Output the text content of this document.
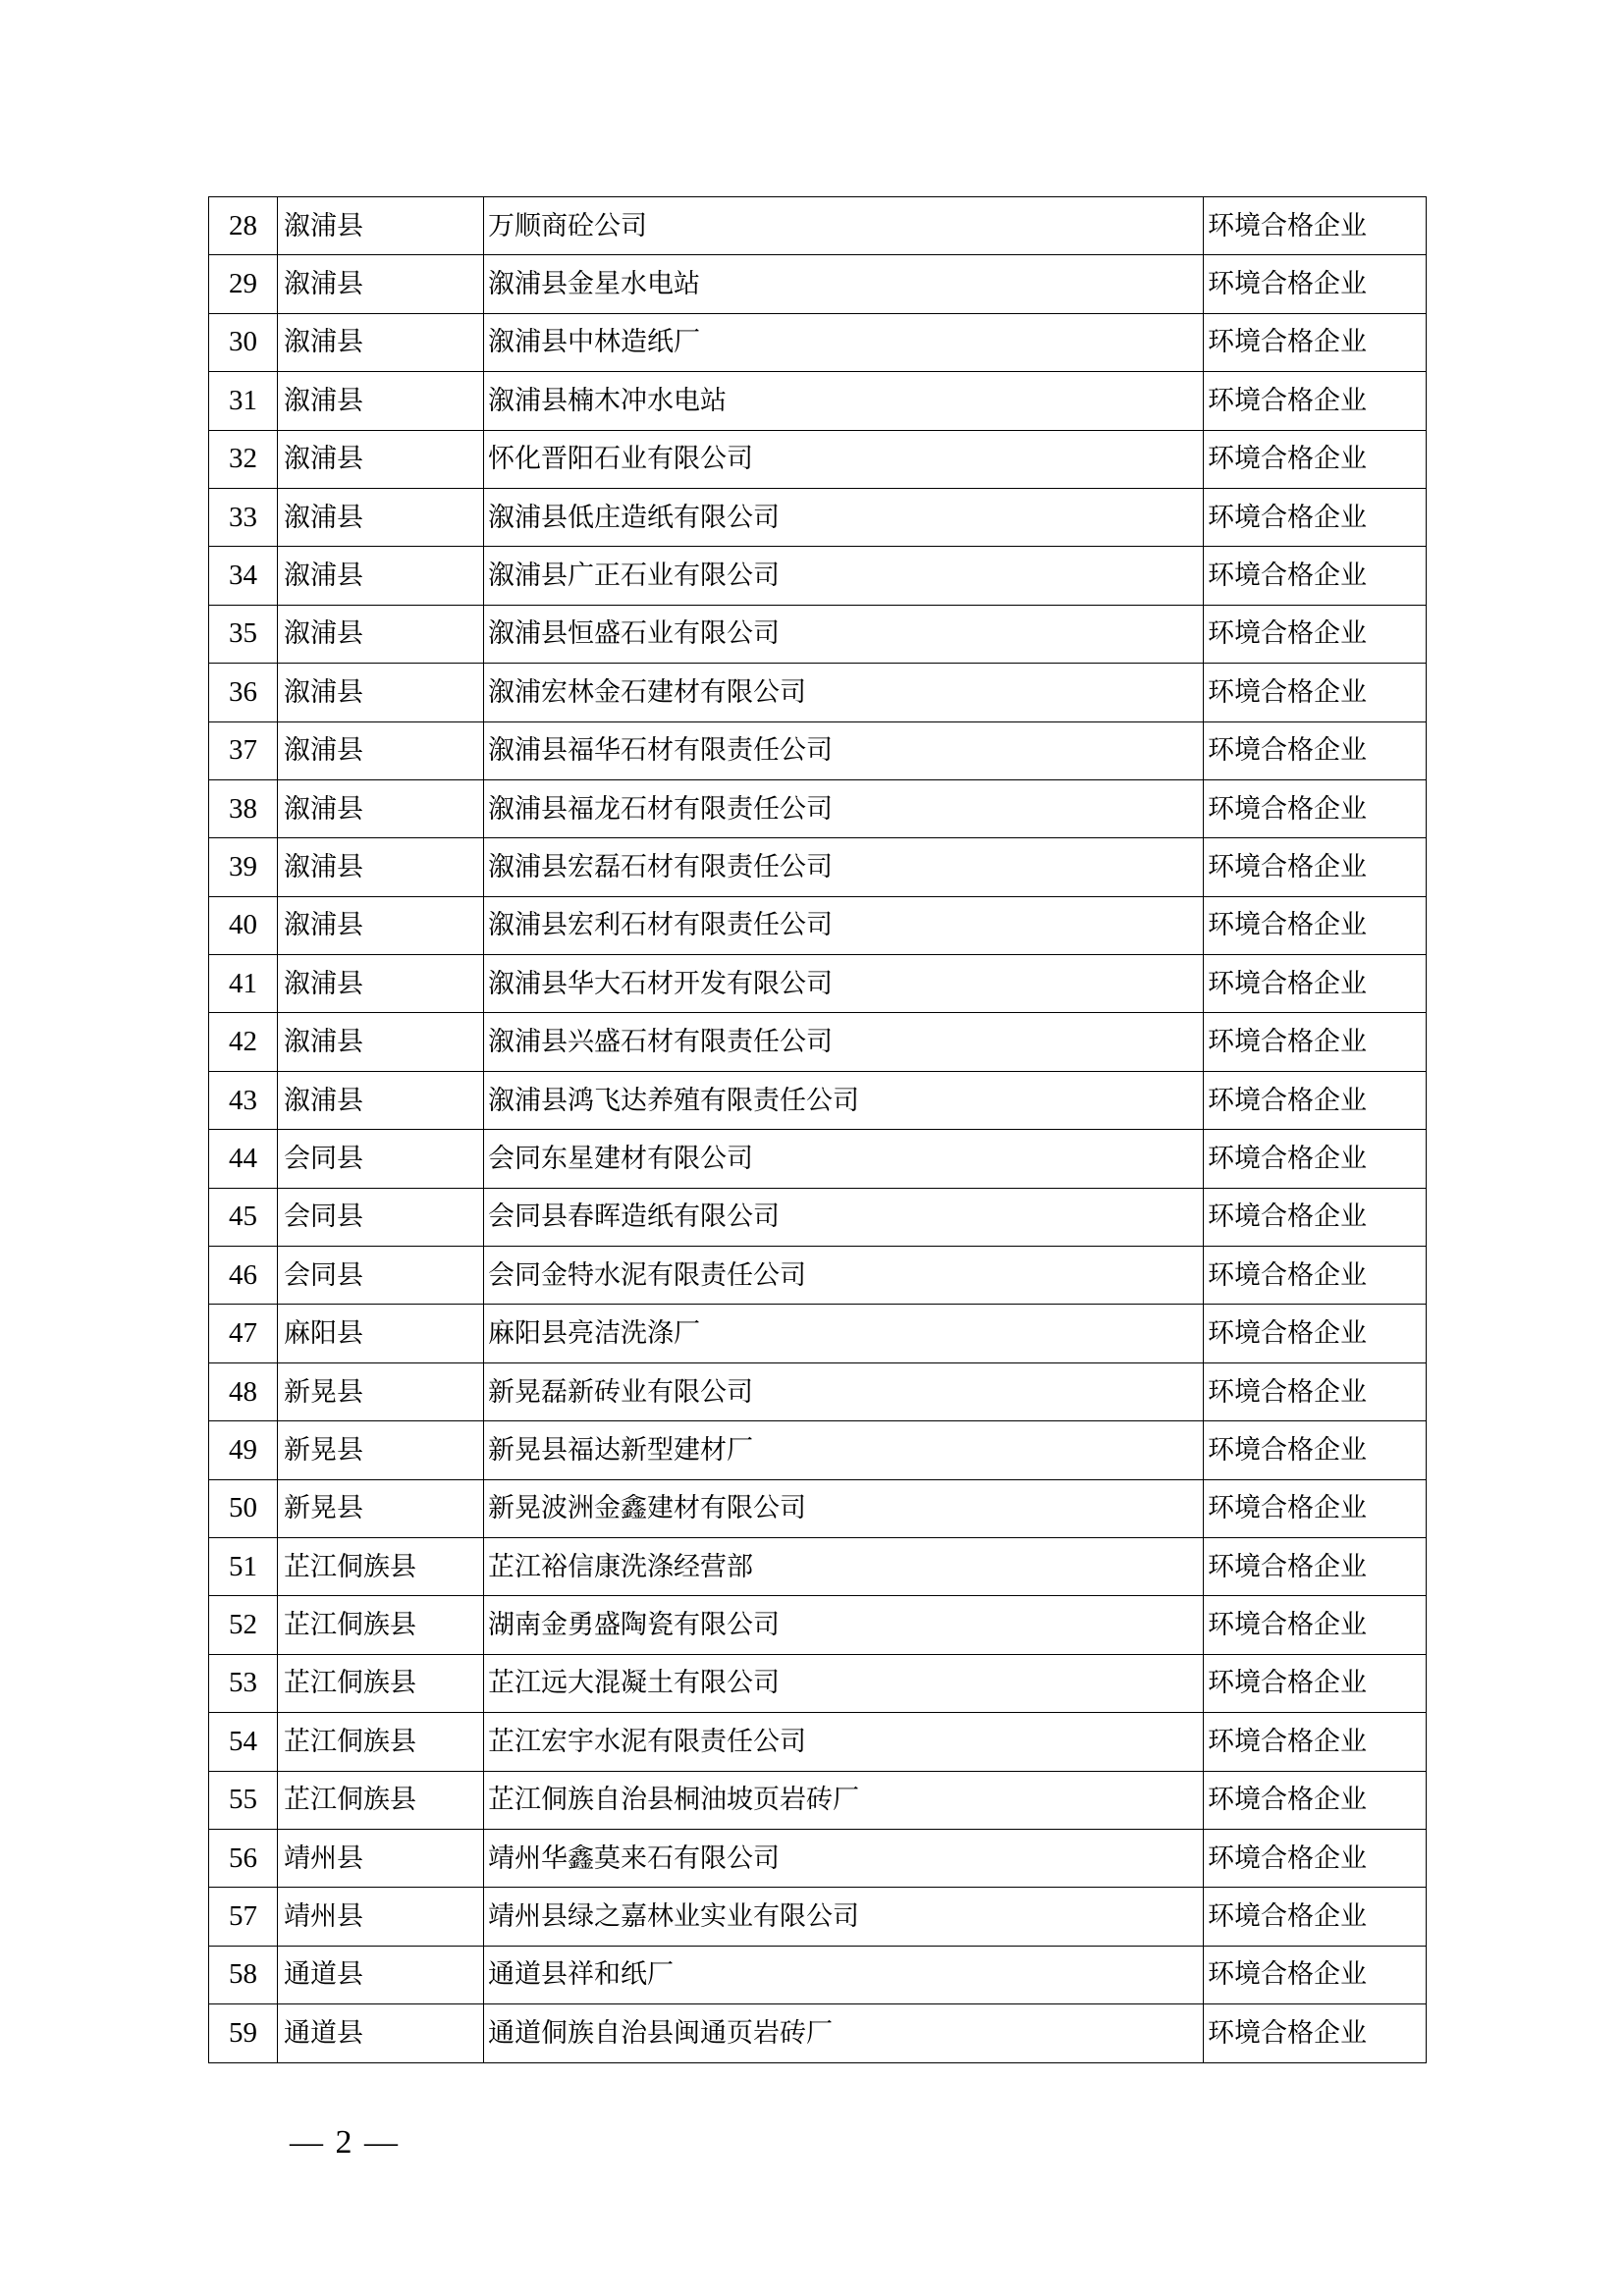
28	溆浦县	万顺商砼公司	环境合格企业
29	溆浦县	溆浦县金星水电站	环境合格企业
30	溆浦县	溆浦县中林造纸厂	环境合格企业
31	溆浦县	溆浦县楠木冲水电站	环境合格企业
32	溆浦县	怀化晋阳石业有限公司	环境合格企业
33	溆浦县	溆浦县低庄造纸有限公司	环境合格企业
34	溆浦县	溆浦县广正石业有限公司	环境合格企业
35	溆浦县	溆浦县恒盛石业有限公司	环境合格企业
36	溆浦县	溆浦宏林金石建材有限公司	环境合格企业
37	溆浦县	溆浦县福华石材有限责任公司	环境合格企业
38	溆浦县	溆浦县福龙石材有限责任公司	环境合格企业
39	溆浦县	溆浦县宏磊石材有限责任公司	环境合格企业
40	溆浦县	溆浦县宏利石材有限责任公司	环境合格企业
41	溆浦县	溆浦县华大石材开发有限公司	环境合格企业
42	溆浦县	溆浦县兴盛石材有限责任公司	环境合格企业
43	溆浦县	溆浦县鸿飞达养殖有限责任公司	环境合格企业
44	会同县	会同东星建材有限公司	环境合格企业
45	会同县	会同县春晖造纸有限公司	环境合格企业
46	会同县	会同金特水泥有限责任公司	环境合格企业
47	麻阳县	麻阳县亮洁洗涤厂	环境合格企业
48	新晃县	新晃磊新砖业有限公司	环境合格企业
49	新晃县	新晃县福达新型建材厂	环境合格企业
50	新晃县	新晃波洲金鑫建材有限公司	环境合格企业
51	芷江侗族县	芷江裕信康洗涤经营部	环境合格企业
52	芷江侗族县	湖南金勇盛陶瓷有限公司	环境合格企业
53	芷江侗族县	芷江远大混凝土有限公司	环境合格企业
54	芷江侗族县	芷江宏宇水泥有限责任公司	环境合格企业
55	芷江侗族县	芷江侗族自治县桐油坡页岩砖厂	环境合格企业
56	靖州县	靖州华鑫莫来石有限公司	环境合格企业
57	靖州县	靖州县绿之嘉林业实业有限公司	环境合格企业
58	通道县	通道县祥和纸厂	环境合格企业
59	通道县	通道侗族自治县闽通页岩砖厂	环境合格企业
— 2 —
